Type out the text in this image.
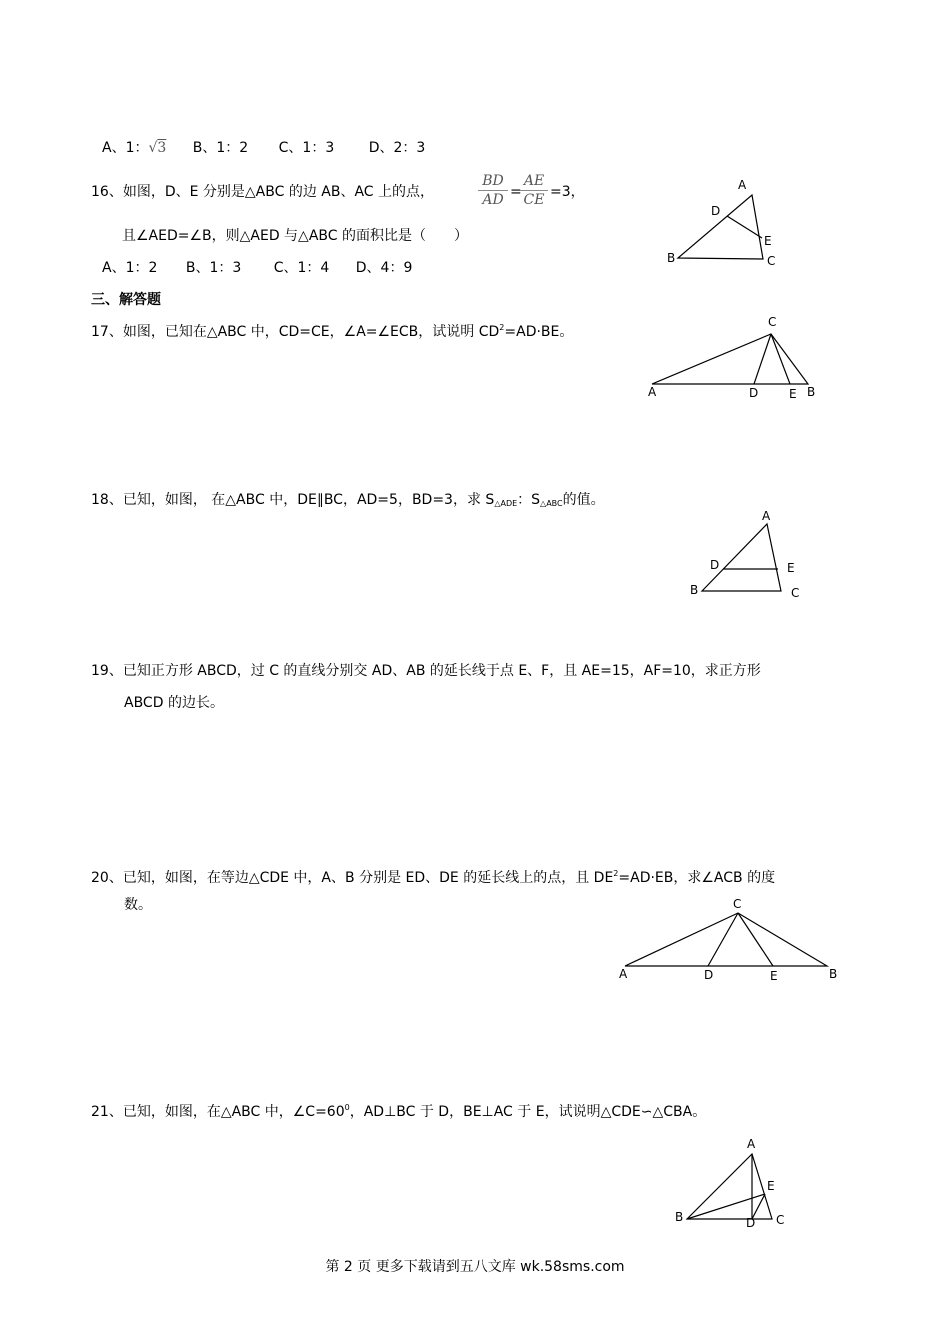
A、1：√3 B、1：2 C、1：3 D、2：3
16、如图，D、E 分别是△ABC 的边 AB、AC 上的点，	$\frac{BD}{AD}$ =
$\frac{AE}{CE} =3$，
且∠AED=∠B，则△AED 与△ABC 的面积比是（　　）
A、1：2 B、1：3 C、1：4 D、4：9
A
B	C
D
E
三、解答题
17、如图，已知在△ABC 中，CD=CE，∠A=∠ECB，试说明 $CD^2=AD\cdot BE$。
C
A	D	E B
18、已知，如图， 在△ABC 中，DE∥BC，AD=5，BD=3，求 $S_{\triangle ADE}$：$S_{\triangle ABC}$的值。
A
D	E
B	C
19、已知正方形 ABCD，过 C 的直线分别交 AD、AB 的延长线于点 E、F，且 AE=15，AF=10，求正方形
ABCD 的边长。
20、已知，如图，在等边△CDE 中，A、B 分别是 ED、DE 的延长线上的点，且 $DE^2=AD\cdot EB$，求∠ACB 的度
数。	C
A	D	E	B
21、已知，如图，在△ABC 中，$\angle C=60^0$，AD⊥BC 于 D，BE⊥AC 于 E，试说明△CDE∽△CBA。
A
E
B	D C
第 2 页 更多下载请到五八文库 wk.58sms.com
